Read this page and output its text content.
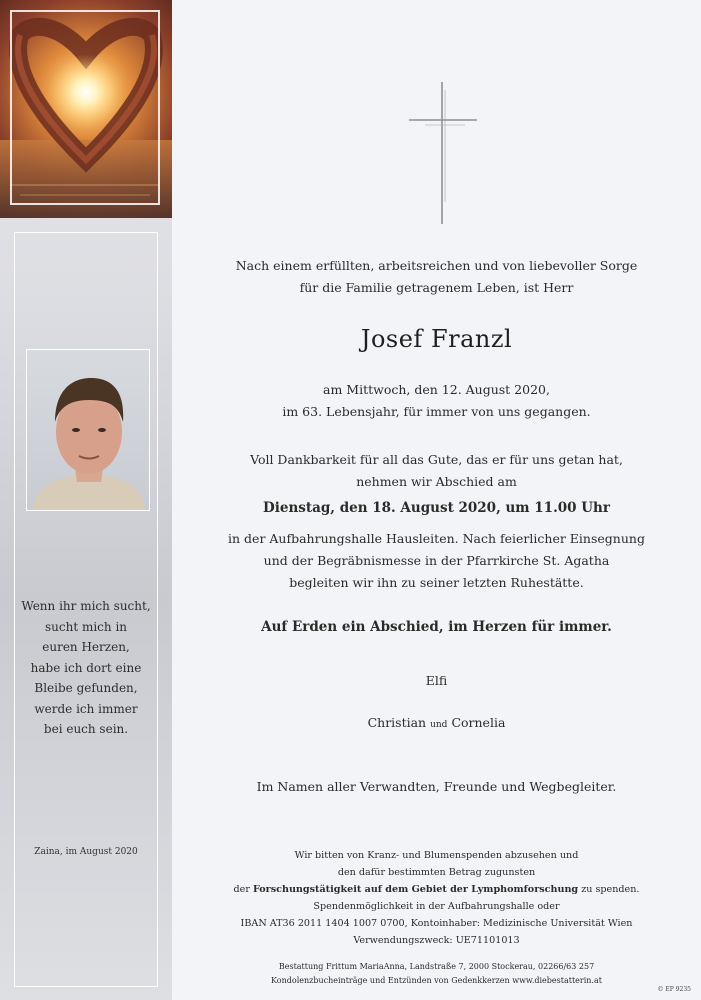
Wenn ihr mich sucht,
sucht mich in
euren Herzen,
habe ich dort eine
Bleibe gefunden,
werde ich immer
bei euch sein.
Zaina, im August 2020
Nach einem erfüllten, arbeitsreichen und von liebevoller Sorge
für die Familie getragenem Leben, ist Herr
Josef Franzl
am Mittwoch, den 12. August 2020,
im 63. Lebensjahr, für immer von uns gegangen.
Voll Dankbarkeit für all das Gute, das er für uns getan hat,
nehmen wir Abschied am
Dienstag, den 18. August 2020, um 11.00 Uhr
in der Aufbahrungshalle Hausleiten. Nach feierlicher Einsegnung
und der Begräbnismesse in der Pfarrkirche St. Agatha
begleiten wir ihn zu seiner letzten Ruhestätte.
Auf Erden ein Abschied, im Herzen für immer.
Elfi
Christian und Cornelia
Im Namen aller Verwandten, Freunde und Wegbegleiter.
Wir bitten von Kranz- und Blumenspenden abzusehen und
den dafür bestimmten Betrag zugunsten
der Forschungstätigkeit auf dem Gebiet der Lymphomforschung zu spenden.
Spendenmöglichkeit in der Aufbahrungshalle oder
IBAN AT36 2011 1404 1007 0700, Kontoinhaber: Medizinische Universität Wien
Verwendungszweck: UE71101013
Bestattung Frittum MariaAnna, Landstraße 7, 2000 Stockerau, 02266/63 257
Kondolenzbucheinträge und Entzünden von Gedenkkerzen www.diebestatterin.at
© EP 9235
